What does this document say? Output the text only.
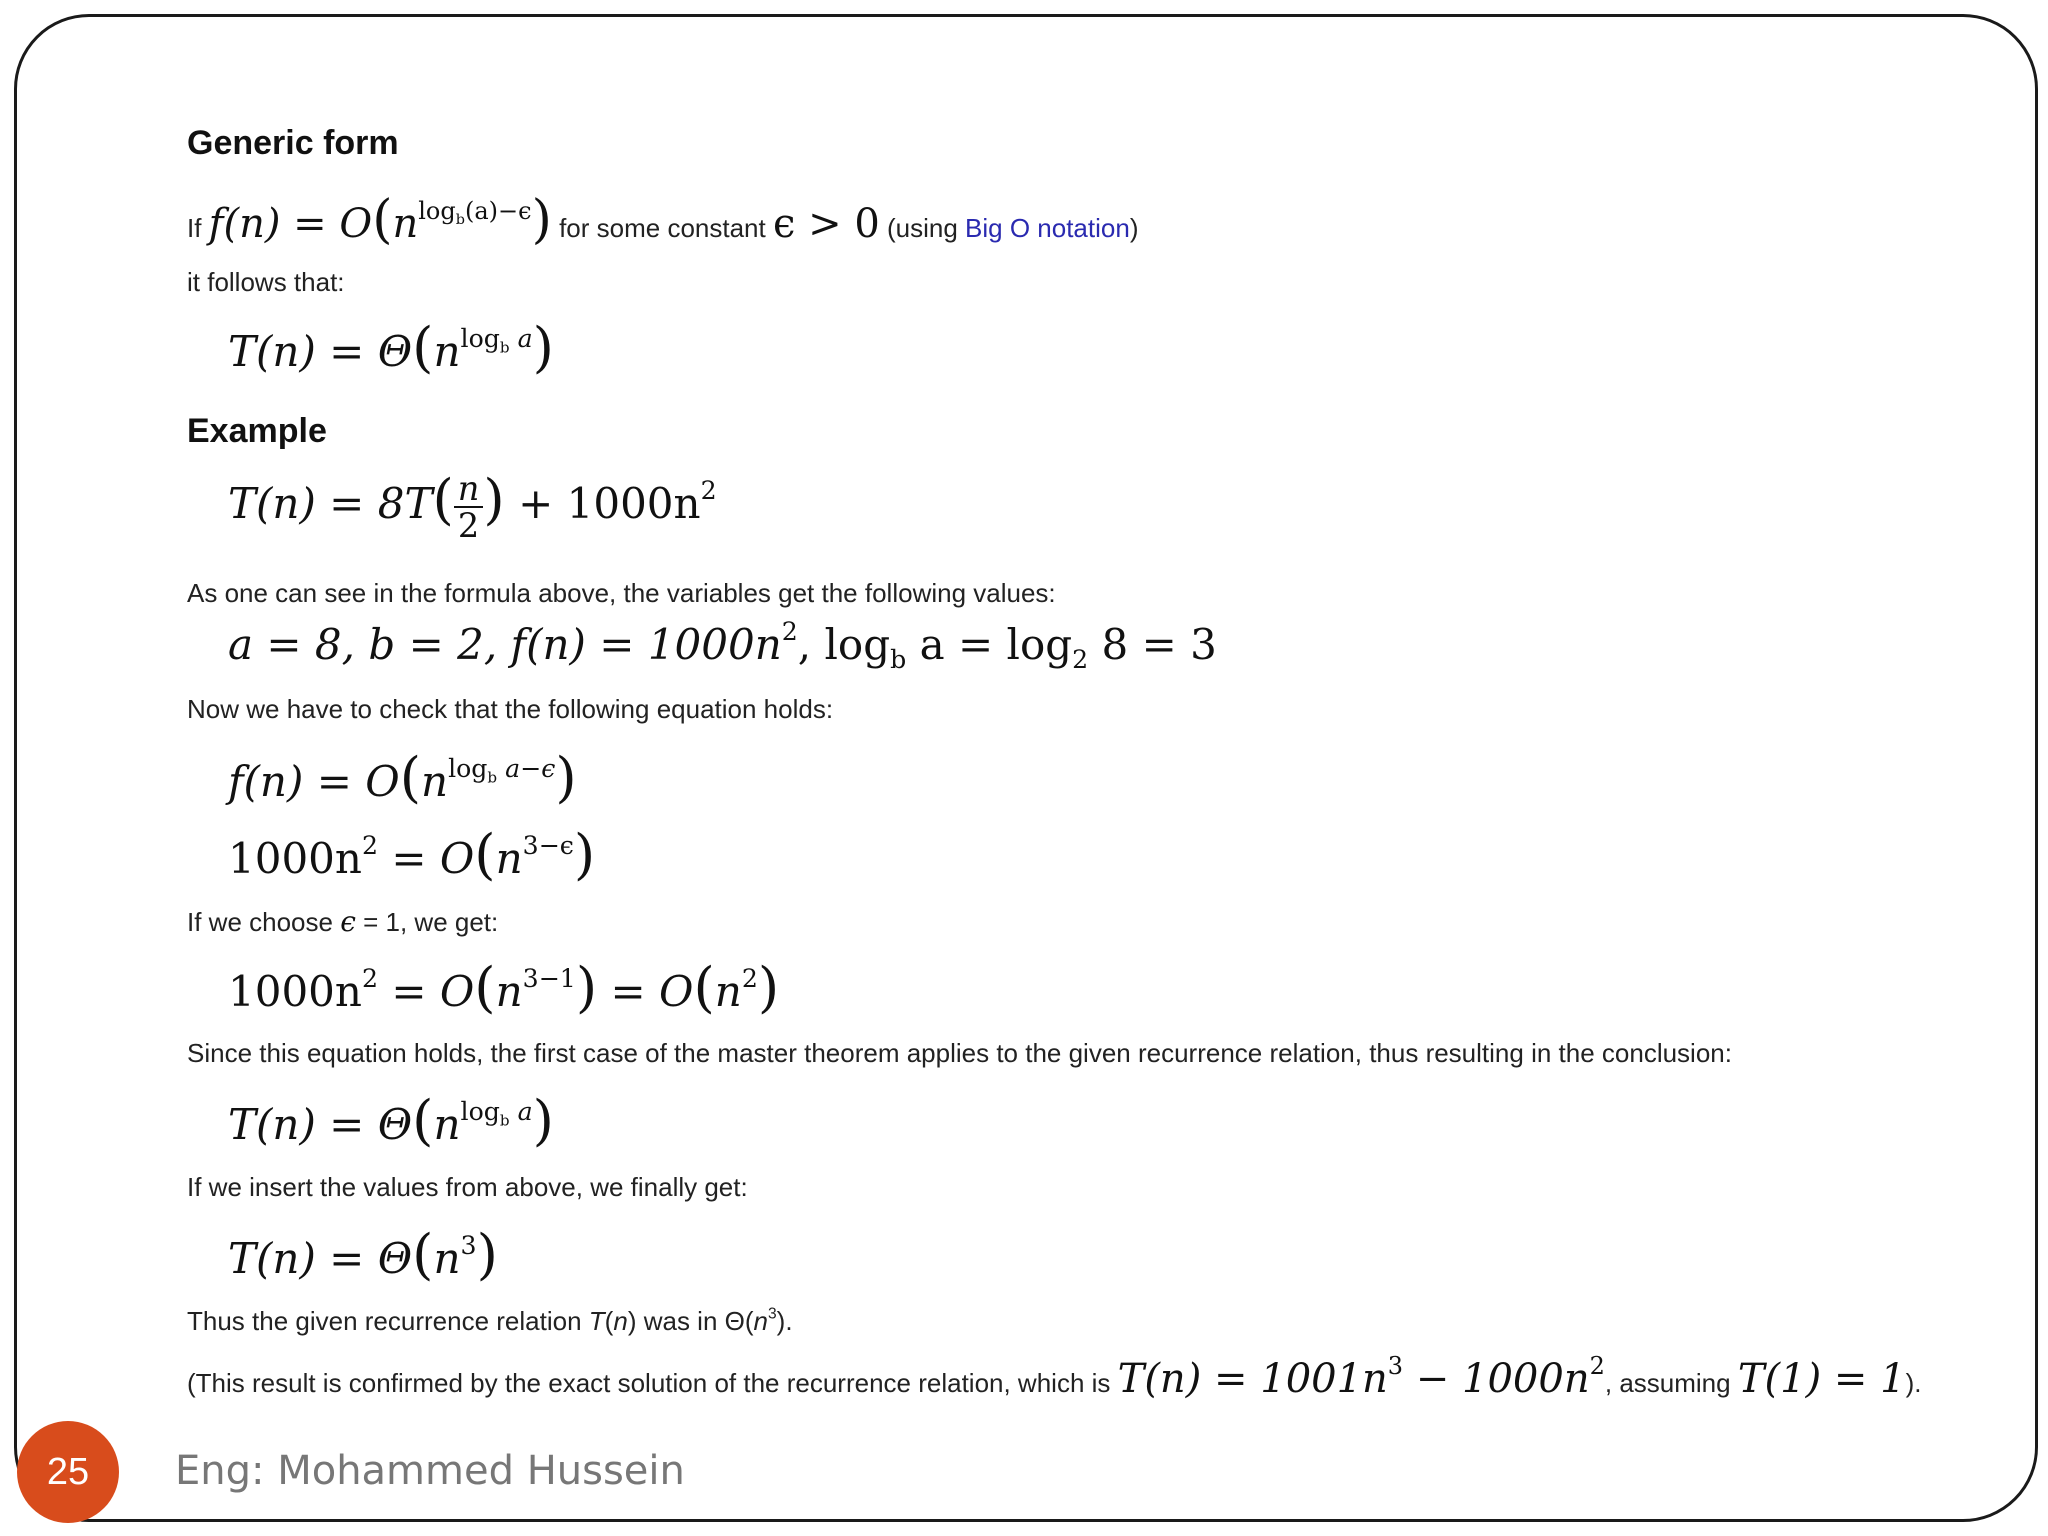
Generic form
If $f(n) = O(n^{log_b(a)-\epsilon})$ for some constant ϵ > 0 (using Big O notation)
it follows that:
$T(n) = \Theta(n^{log_b a})$
Example
$T(n) = 8T( \frac{n}{2}$ ) + $1000n^2$
As one can see in the formula above, the variables get the following values:
a = 8, b = 2, $f(n) = 1000n^2$, $\log_b a = \log_2 8 = 3$
Now we have to check that the following equation holds:
$f(n) = O(n^{log_b a-\epsilon})$
$1000n^2 = O(n^{3-\epsilon})$
If we choose ϵ = 1, we get:
$1000n^2 = O(n^{3-1}) = O(n^2)$
Since this equation holds, the first case of the master theorem applies to the given recurrence relation, thus resulting in the conclusion:
$T(n) = \Theta(n^{log_b a})$
If we insert the values from above, we finally get:
$T(n) = \Theta(n^3)$
Thus the given recurrence relation T(n) was in $\Theta(n^3)$.
(This result is confirmed by the exact solution of the recurrence relation, which is $T(n) = 1001n^3 - 1000n^2$, assuming T(1) = 1).
25	Eng: Mohammed Hussein
